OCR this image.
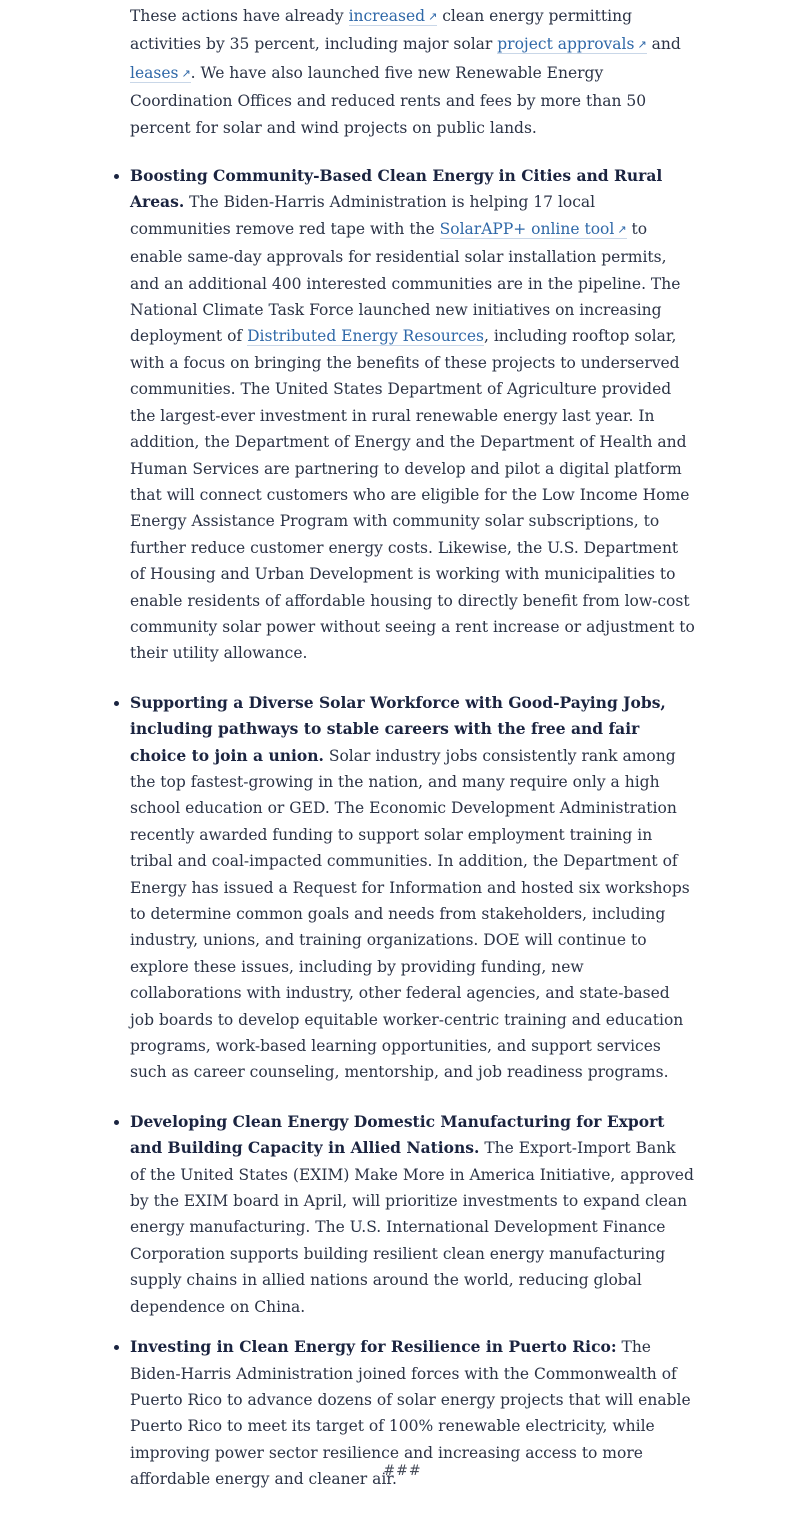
These actions have already increased ↗ clean energy permitting activities by 35 percent, including major solar project approvals ↗ and leases ↗. We have also launched five new Renewable Energy Coordination Offices and reduced rents and fees by more than 50 percent for solar and wind projects on public lands.

Boosting Community-Based Clean Energy in Cities and Rural Areas. The Biden-Harris Administration is helping 17 local communities remove red tape with the SolarAPP+ online tool ↗ to enable same-day approvals for residential solar installation permits, and an additional 400 interested communities are in the pipeline. The National Climate Task Force launched new initiatives on increasing deployment of Distributed Energy Resources, including rooftop solar, with a focus on bringing the benefits of these projects to underserved communities. The United States Department of Agriculture provided the largest-ever investment in rural renewable energy last year. In addition, the Department of Energy and the Department of Health and Human Services are partnering to develop and pilot a digital platform that will connect customers who are eligible for the Low Income Home Energy Assistance Program with community solar subscriptions, to further reduce customer energy costs. Likewise, the U.S. Department of Housing and Urban Development is working with municipalities to enable residents of affordable housing to directly benefit from low-cost community solar power without seeing a rent increase or adjustment to their utility allowance.
Supporting a Diverse Solar Workforce with Good-Paying Jobs, including pathways to stable careers with the free and fair choice to join a union. Solar industry jobs consistently rank among the top fastest-growing in the nation, and many require only a high school education or GED. The Economic Development Administration recently awarded funding to support solar employment training in tribal and coal-impacted communities. In addition, the Department of Energy has issued a Request for Information and hosted six workshops to determine common goals and needs from stakeholders, including industry, unions, and training organizations. DOE will continue to explore these issues, including by providing funding, new collaborations with industry, other federal agencies, and state-based job boards to develop equitable worker-centric training and education programs, work-based learning opportunities, and support services such as career counseling, mentorship, and job readiness programs.
Developing Clean Energy Domestic Manufacturing for Export and Building Capacity in Allied Nations. The Export-Import Bank of the United States (EXIM) Make More in America Initiative, approved by the EXIM board in April, will prioritize investments to expand clean energy manufacturing. The U.S. International Development Finance Corporation supports building resilient clean energy manufacturing supply chains in allied nations around the world, reducing global dependence on China.
Investing in Clean Energy for Resilience in Puerto Rico: The Biden-Harris Administration joined forces with the Commonwealth of Puerto Rico to advance dozens of solar energy projects that will enable Puerto Rico to meet its target of 100% renewable electricity, while improving power sector resilience and increasing access to more affordable energy and cleaner air.
###
